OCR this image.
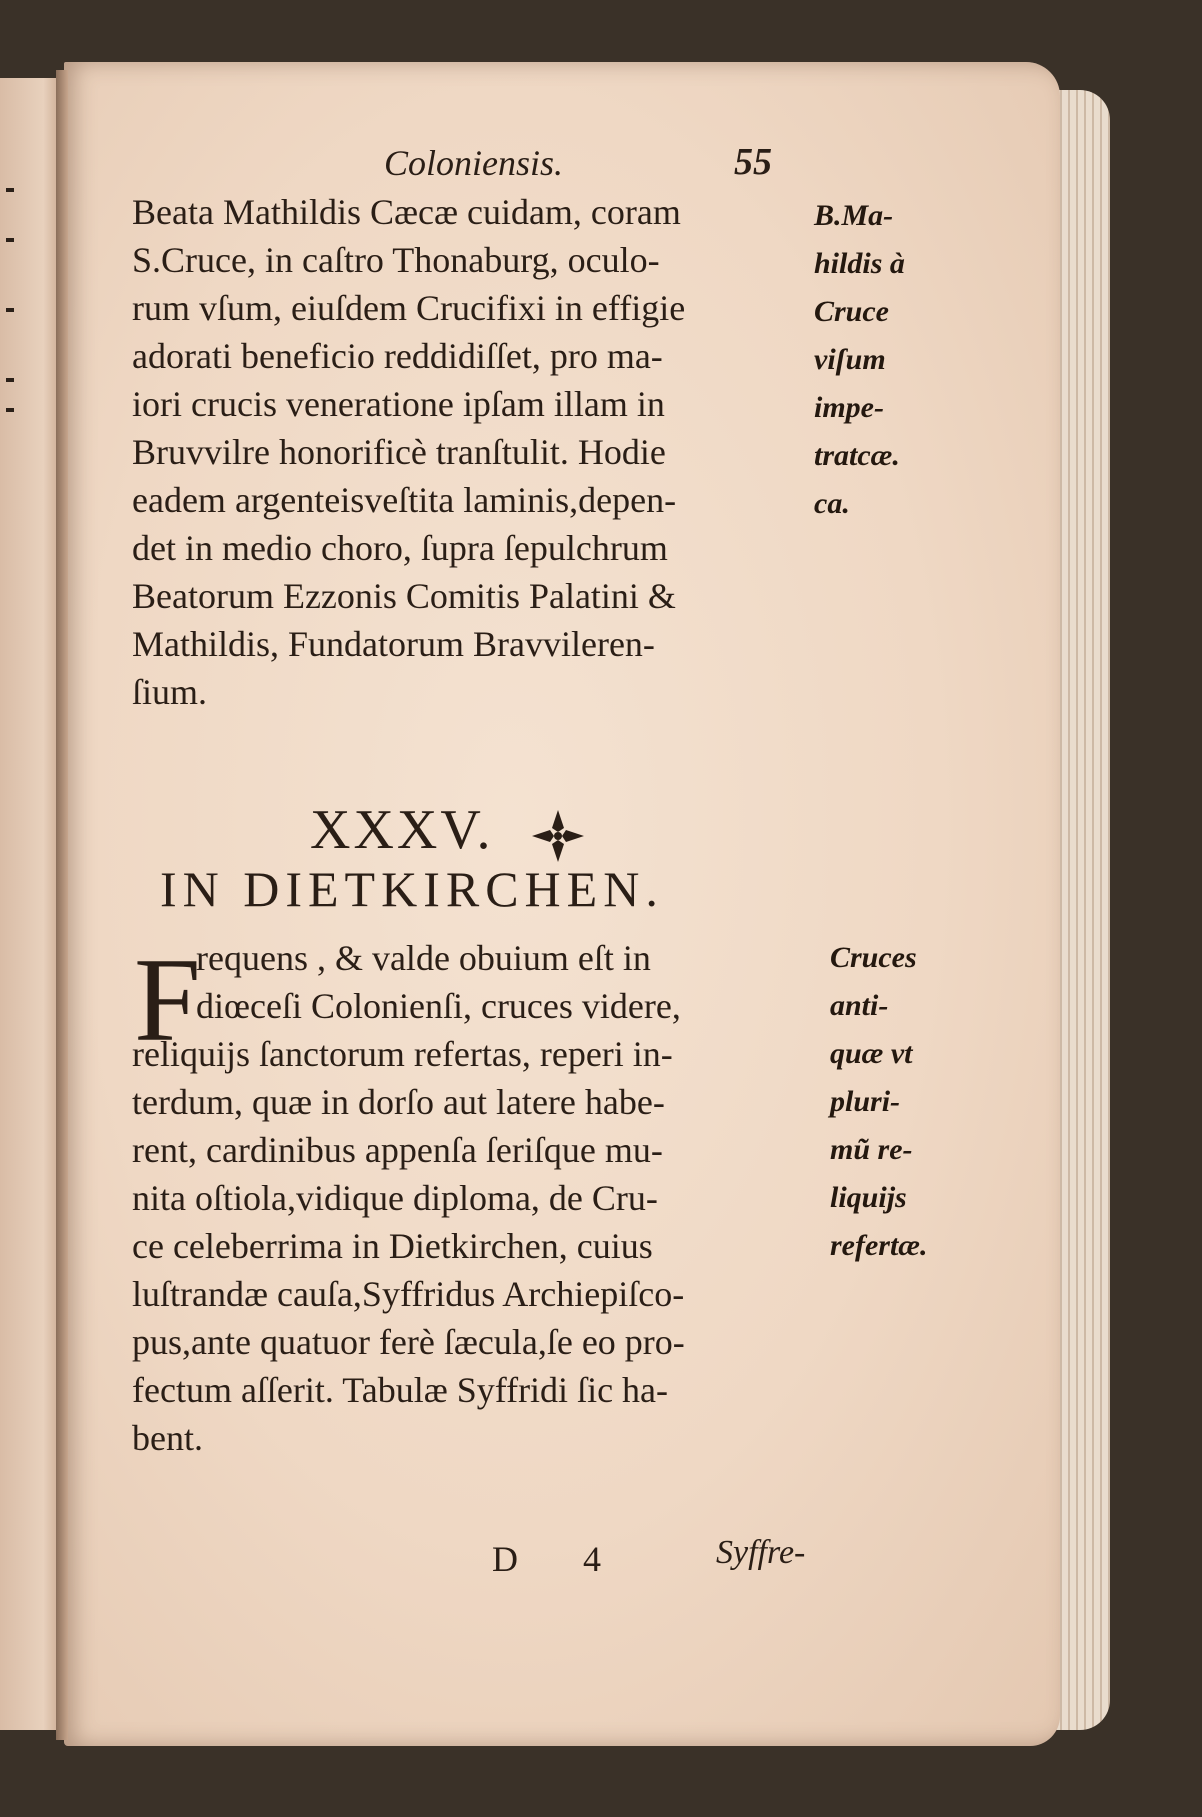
Coloniensis.	55
Beata Mathildis Cæcæ cuidam, coram
S.Cruce, in caſtro Thonaburg, oculo-
rum vſum, eiuſdem Crucifixi in effigie
adorati beneficio reddidiſſet, pro ma-
iori crucis veneratione ipſam illam in
Bruvvilre honorificè tranſtulit. Hodie
eadem argenteisveſtita laminis,depen-
det in medio choro, ſupra ſepulchrum
Beatorum Ezzonis Comitis Palatini &
Mathildis, Fundatorum Bravvileren-
ſium.
B.Ma-
hildis à
Cruce
viſum
impe-
tratcæ.
ca.
XXXV.
IN DIETKIRCHEN.
F
requens , & valde obuium eſt in
diœceſi Colonienſi, cruces videre,
reliquijs ſanctorum refertas, reperi in-
terdum, quæ in dorſo aut latere habe-
rent, cardinibus appenſa ſeriſque mu-
nita oſtiola,vidique diploma, de Cru-
ce celeberrima in Dietkirchen, cuius
luſtrandæ cauſa,Syffridus Archiepiſco-
pus,ante quatuor ferè ſæcula,ſe eo pro-
fectum aſſerit. Tabulæ Syffridi ſic ha-
bent.
Cruces
anti-
quæ vt
pluri-
mũ re-
liquijs
refertæ.
D 4	Syffre-
